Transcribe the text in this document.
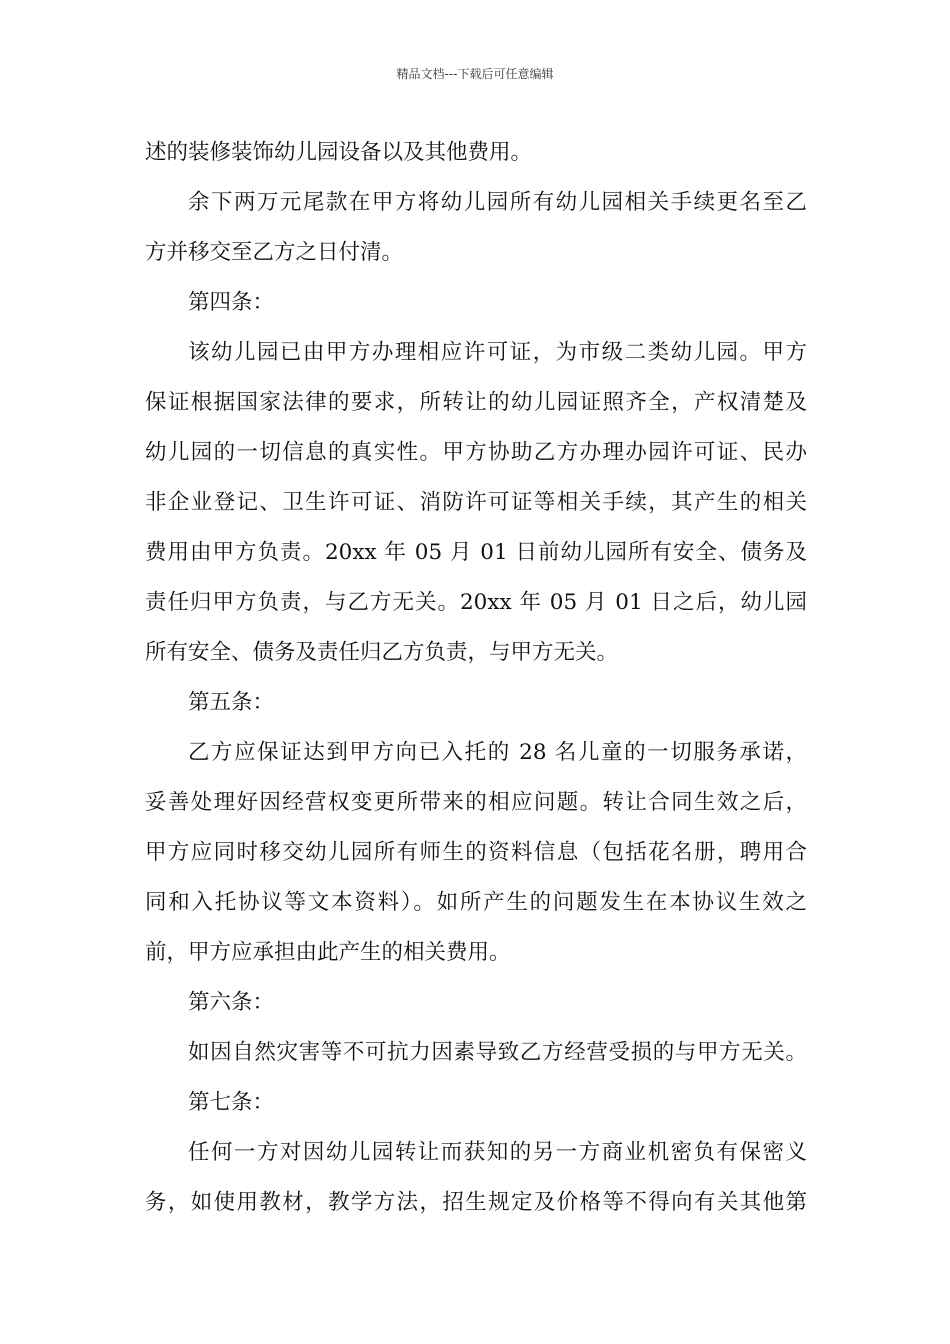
精品文档---下载后可任意编辑
述的装修装饰幼儿园设备以及其他费用。
余下两万元尾款在甲方将幼儿园所有幼儿园相关手续更名至乙
方并移交至乙方之日付清。
第四条：
该幼儿园已由甲方办理相应许可证，为市级二类幼儿园。甲方
保证根据国家法律的要求，所转让的幼儿园证照齐全，产权清楚及
幼儿园的一切信息的真实性。甲方协助乙方办理办园许可证、民办
非企业登记、卫生许可证、消防许可证等相关手续，其产生的相关
费用由甲方负责。20xx 年 05 月 01 日前幼儿园所有安全、债务及
责任归甲方负责，与乙方无关。20xx 年 05 月 01 日之后，幼儿园
所有安全、债务及责任归乙方负责，与甲方无关。
第五条：
乙方应保证达到甲方向已入托的 28 名儿童的一切服务承诺，
妥善处理好因经营权变更所带来的相应问题。转让合同生效之后，
甲方应同时移交幼儿园所有师生的资料信息（包括花名册，聘用合
同和入托协议等文本资料）。如所产生的问题发生在本协议生效之
前，甲方应承担由此产生的相关费用。
第六条：
如因自然灾害等不可抗力因素导致乙方经营受损的与甲方无关。
第七条：
任何一方对因幼儿园转让而获知的另一方商业机密负有保密义
务，如使用教材，教学方法，招生规定及价格等不得向有关其他第
